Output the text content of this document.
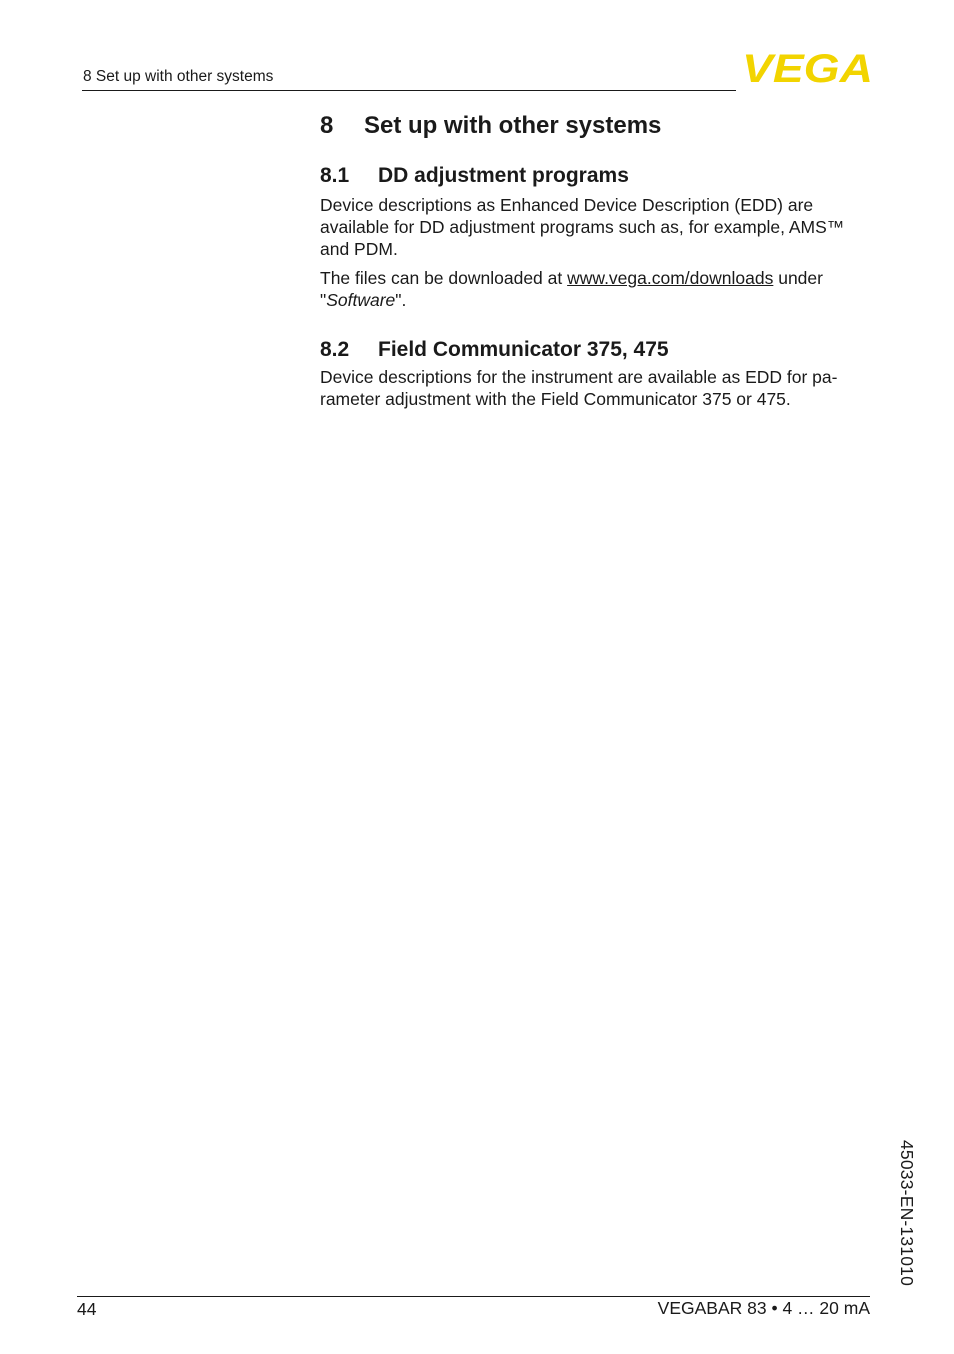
8 Set up with other systems	VEGA
8	Set up with other systems
8.1	DD adjustment programs

Device descriptions as Enhanced Device Description (EDD) are available for DD adjustment programs such as, for example, AMS™ and PDM.

The files can be downloaded at www.vega.com/downloads under "Software".

8.2	Field Communicator 375, 475

Device descriptions for the instrument are available as EDD for pa-rameter adjustment with the Field Communicator 375 or 475.

45033-EN-131010
44	VEGABAR 83 • 4 … 20 mA
